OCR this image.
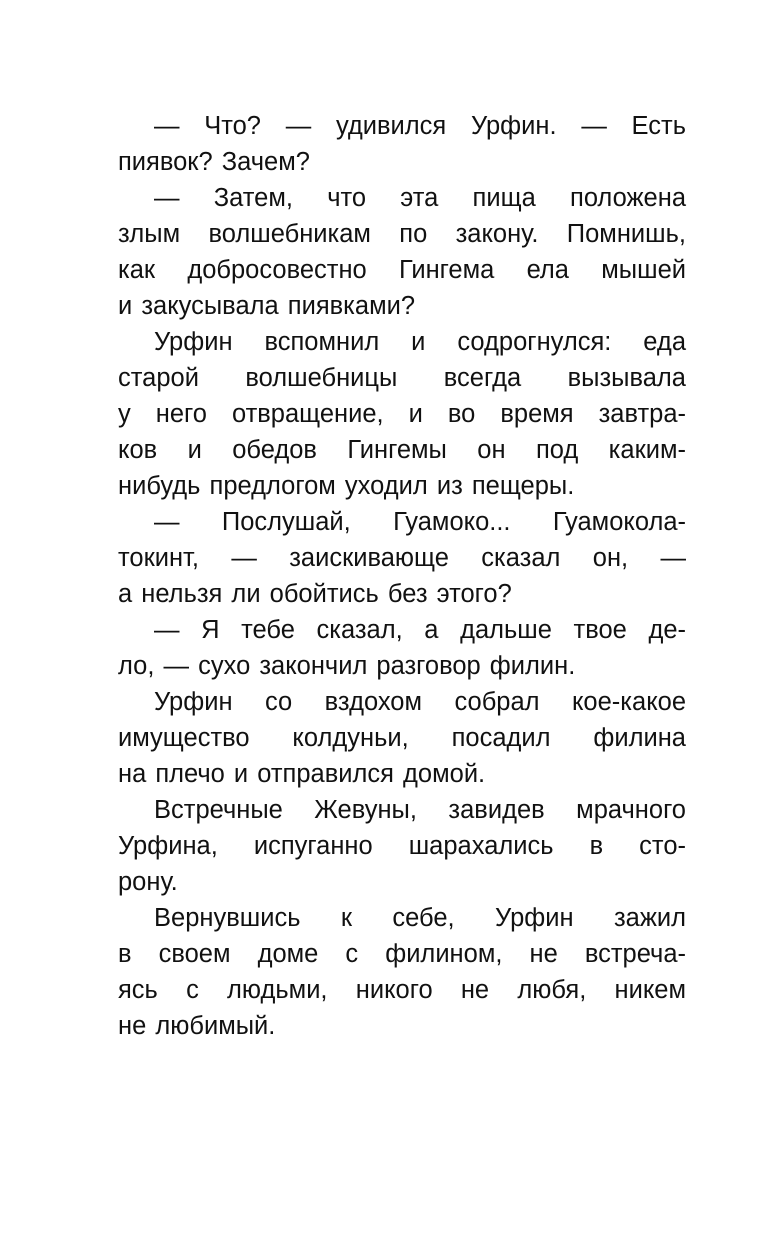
— Что? — удивился Урфин. — Есть
пиявок? Зачем?
— Затем, что эта пища положена
злым волшебникам по закону. Помнишь,
как добросовестно Гингема ела мышей
и закусывала пиявками?
Урфин вспомнил и содрогнулся: еда
старой волшебницы всегда вызывала
у него отвращение, и во время завтра-
ков и обедов Гингемы он под каким-
нибудь предлогом уходил из пещеры.
— Послушай, Гуамоко... Гуамокола-
токинт, — заискивающе сказал он, —
а нельзя ли обойтись без этого?
— Я тебе сказал, а дальше твое де-
ло, — сухо закончил разговор филин.
Урфин со вздохом собрал кое-какое
имущество колдуньи, посадил филина
на плечо и отправился домой.
Встречные Жевуны, завидев мрачного
Урфина, испуганно шарахались в сто-
рону.
Вернувшись к себе, Урфин зажил
в своем доме с филином, не встреча-
ясь с людьми, никого не любя, никем
не любимый.
